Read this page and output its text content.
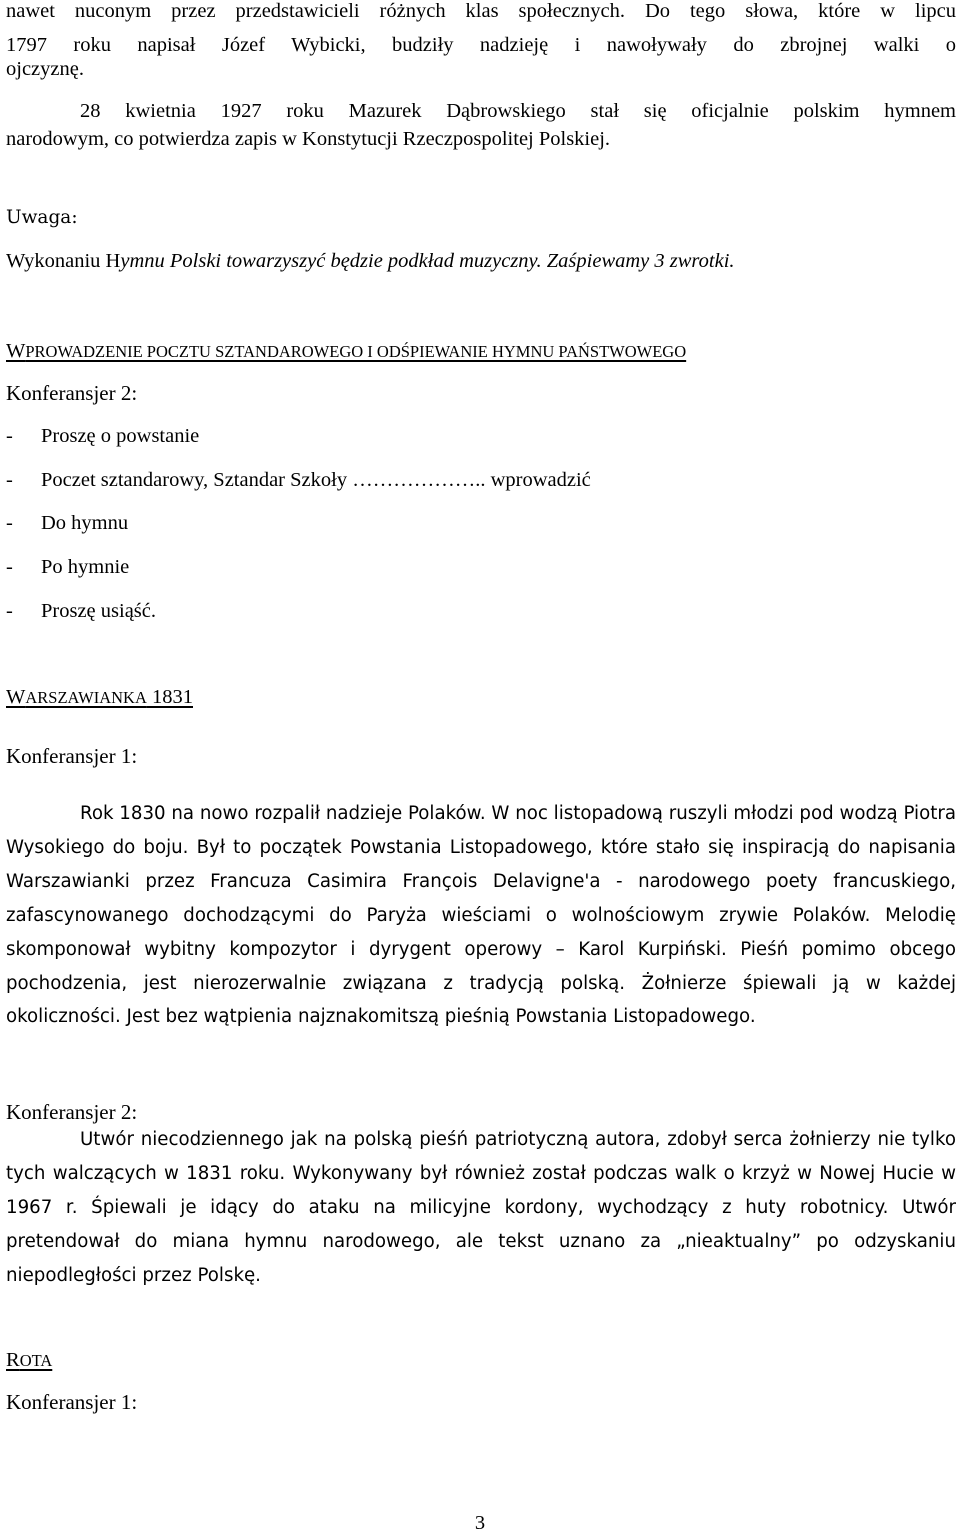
nawet nuconym przez przedstawicieli różnych klas społecznych. Do tego słowa, które w lipcu
1797 roku napisał Józef Wybicki, budziły nadzieję i nawoływały do zbrojnej walki o
ojczyznę.
28 kwietnia 1927 roku Mazurek Dąbrowskiego stał się oficjalnie polskim hymnem
narodowym, co potwierdza zapis w Konstytucji Rzeczpospolitej Polskiej.
Uwaga:
Wykonaniu Hymnu Polski towarzyszyć będzie podkład muzyczny. Zaśpiewamy 3 zwrotki.
WPROWADZENIE POCZTU SZTANDAROWEGO I ODŚPIEWANIE HYMNU PAŃSTWOWEGO
Konferansjer 2:
- Proszę o powstanie
- Poczet sztandarowy, Sztandar Szkoły ……………….. wprowadzić
- Do hymnu
- Po hymnie
- Proszę usiąść.
WARSZAWIANKA 1831
Konferansjer 1:
Rok 1830 na nowo rozpalił nadzieje Polaków. W noc listopadową ruszyli młodzi pod wodzą Piotra Wysokiego do boju. Był to początek Powstania Listopadowego, które stało się inspiracją do napisania Warszawianki przez Francuza Casimira François Delavigne'a - narodowego poety francuskiego, zafascynowanego dochodzącymi do Paryża wieściami o wolnościowym zrywie Polaków. Melodię skomponował wybitny kompozytor i dyrygent operowy – Karol Kurpiński. Pieśń pomimo obcego pochodzenia, jest nierozerwalnie związana z tradycją polską. Żołnierze śpiewali ją w każdej okoliczności. Jest bez wątpienia najznakomitszą pieśnią Powstania Listopadowego.
Konferansjer 2:
Utwór niecodziennego jak na polską pieśń patriotyczną autora, zdobył serca żołnierzy nie tylko tych walczących w 1831 roku. Wykonywany był również został podczas walk o krzyż w Nowej Hucie w 1967 r. Śpiewali je idący do ataku na milicyjne kordony, wychodzący z huty robotnicy. Utwór pretendował do miana hymnu narodowego, ale tekst uznano za „nieaktualny” po odzyskaniu niepodległości przez Polskę.
ROTA
Konferansjer 1:
3
